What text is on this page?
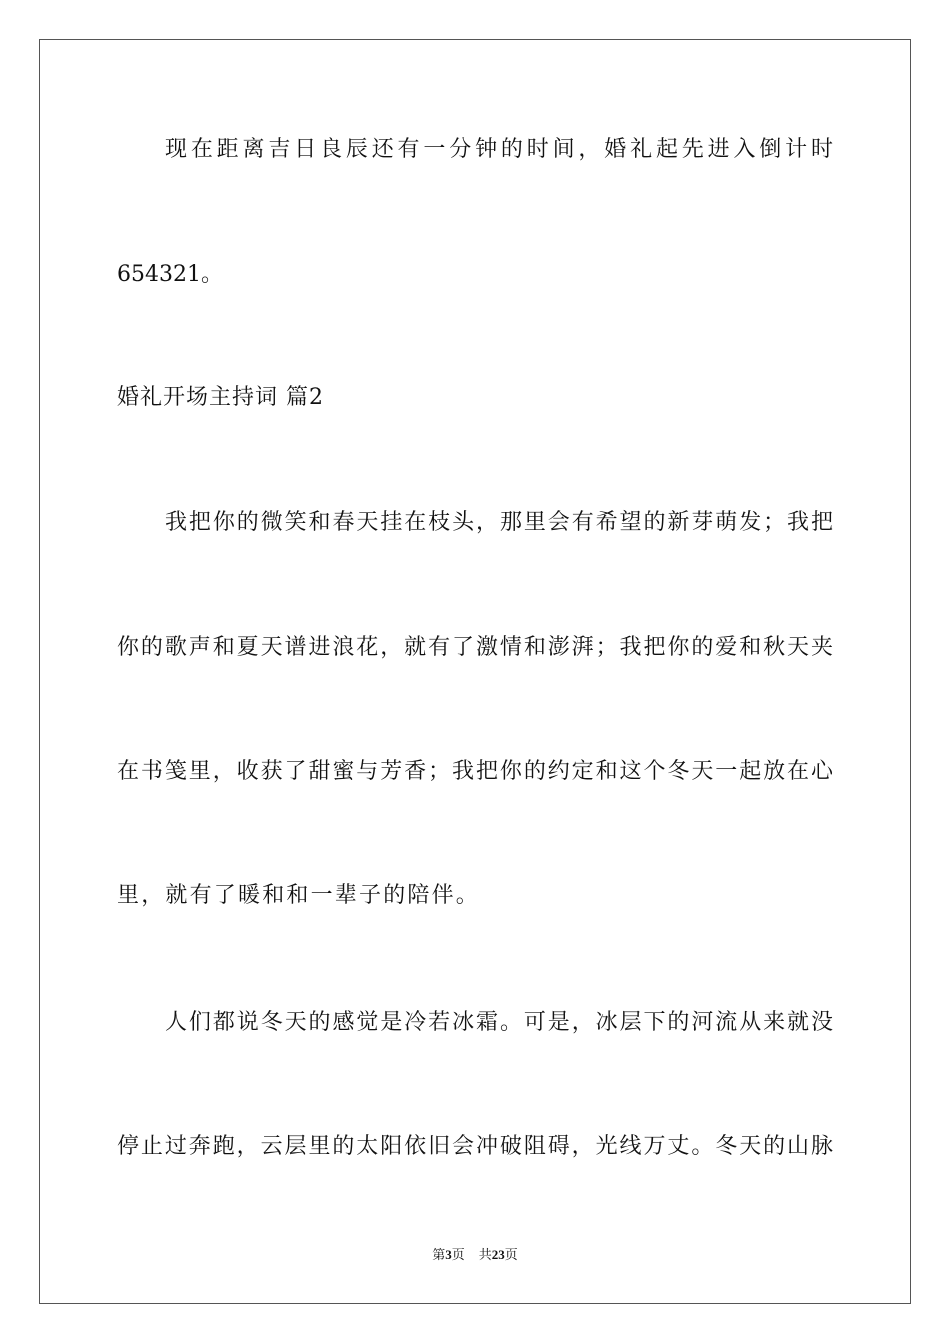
现在距离吉日良辰还有一分钟的时间，婚礼起先进入倒计时
654321。
婚礼开场主持词 篇2
我把你的微笑和春天挂在枝头，那里会有希望的新芽萌发；我把
你的歌声和夏天谱进浪花，就有了激情和澎湃；我把你的爱和秋天夹
在书笺里，收获了甜蜜与芳香；我把你的约定和这个冬天一起放在心
里，就有了暖和和一辈子的陪伴。
人们都说冬天的感觉是冷若冰霜。可是，冰层下的河流从来就没
停止过奔跑，云层里的太阳依旧会冲破阻碍，光线万丈。冬天的山脉
第3页 共23页
